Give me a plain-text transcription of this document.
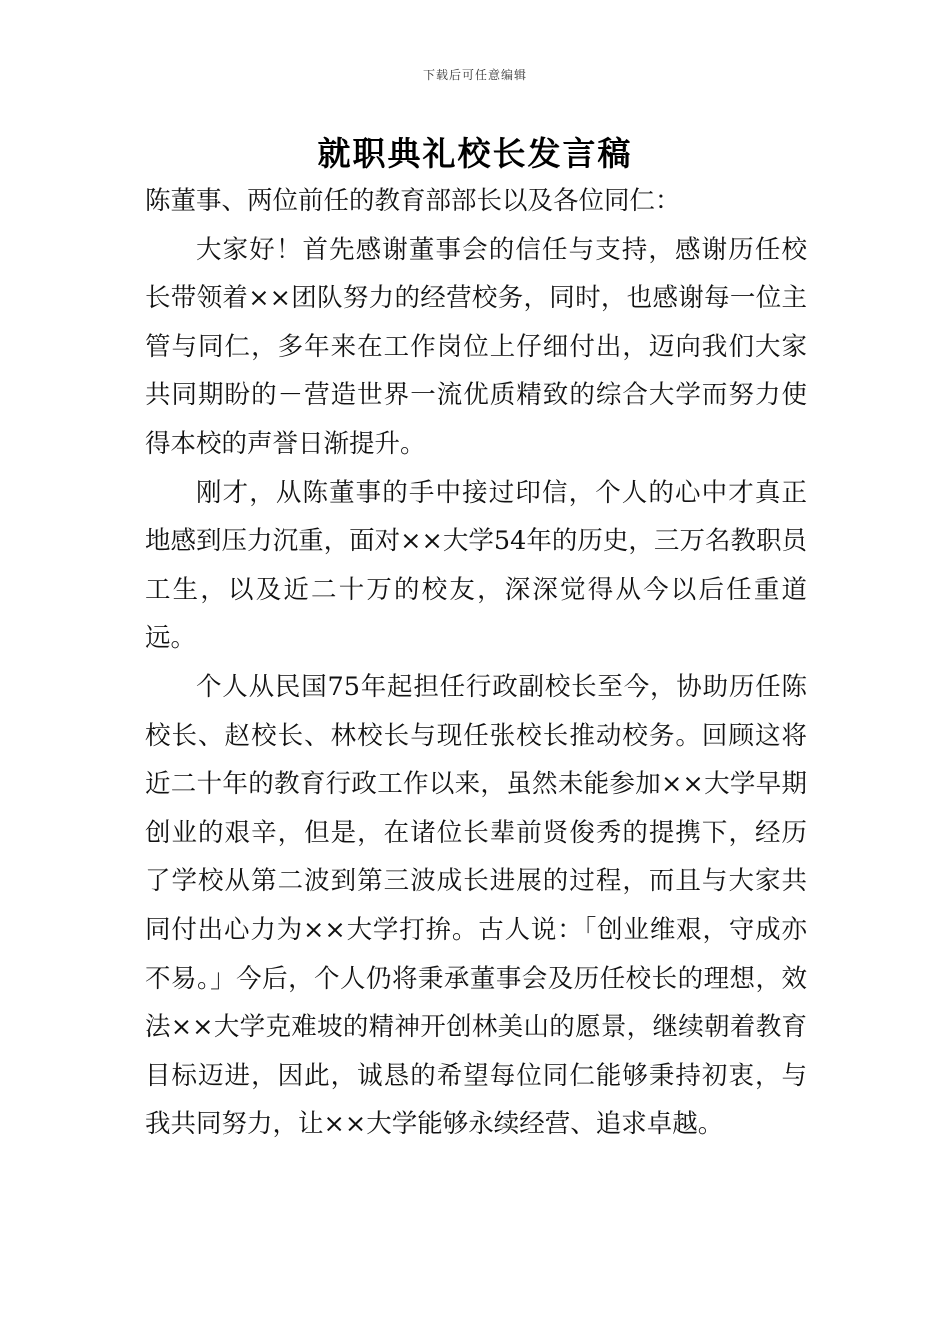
下载后可任意编辑
就职典礼校长发言稿

陈董事、两位前任的教育部部长以及各位同仁：

大家好！首先感谢董事会的信任与支持，感谢历任校长带领着××团队努力的经营校务，同时，也感谢每一位主管与同仁，多年来在工作岗位上仔细付出，迈向我们大家共同期盼的－营造世界一流优质精致的综合大学而努力使得本校的声誉日渐提升。

刚才，从陈董事的手中接过印信，个人的心中才真正地感到压力沉重，面对××大学54年的历史，三万名教职员工生，以及近二十万的校友，深深觉得从今以后任重道远。

个人从民国75年起担任行政副校长至今，协助历任陈校长、赵校长、林校长与现任张校长推动校务。回顾这将近二十年的教育行政工作以来，虽然未能参加××大学早期创业的艰辛，但是，在诸位长辈前贤俊秀的提携下，经历了学校从第二波到第三波成长进展的过程，而且与大家共同付出心力为××大学打拚。古人说：「创业维艰，守成亦不易。」今后，个人仍将秉承董事会及历任校长的理想，效法××大学克难坡的精神开创林美山的愿景，继续朝着教育目标迈进，因此，诚恳的希望每位同仁能够秉持初衷，与我共同努力，让××大学能够永续经营、追求卓越。
